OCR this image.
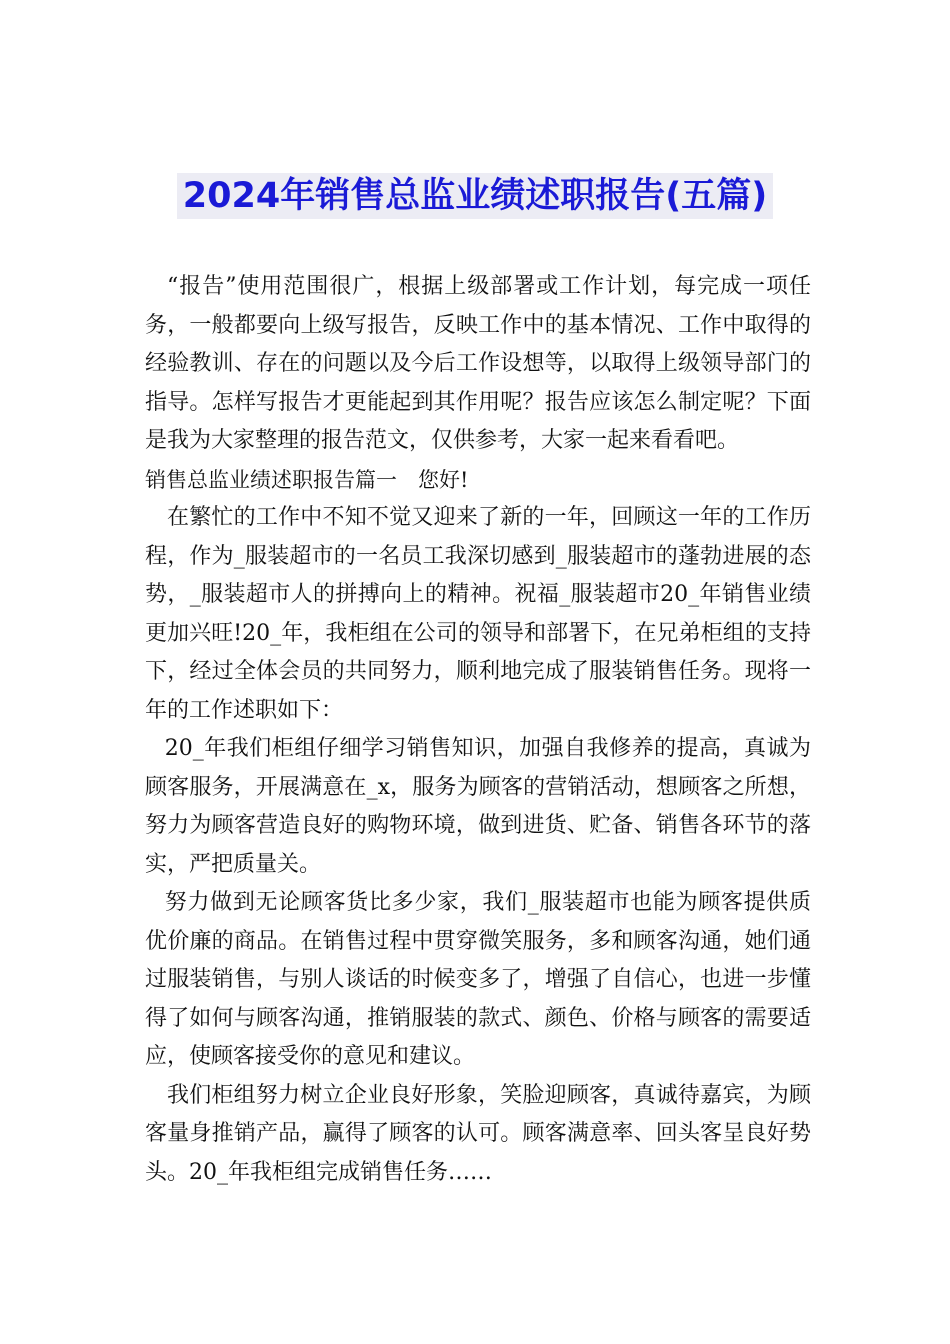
2024年销售总监业绩述职报告(五篇)

“报告”使用范围很广，根据上级部署或工作计划，每完成一项任务，一般都要向上级写报告，反映工作中的基本情况、工作中取得的经验教训、存在的问题以及今后工作设想等，以取得上级领导部门的指导。怎样写报告才更能起到其作用呢？报告应该怎么制定呢？下面是我为大家整理的报告范文，仅供参考，大家一起来看看吧。

销售总监业绩述职报告篇一　您好!

在繁忙的工作中不知不觉又迎来了新的一年，回顾这一年的工作历程，作为_服装超市的一名员工我深切感到_服装超市的蓬勃进展的态势，_服装超市人的拼搏向上的精神。祝福_服装超市20_年销售业绩更加兴旺!20_年，我柜组在公司的领导和部署下，在兄弟柜组的支持下，经过全体会员的共同努力，顺利地完成了服装销售任务。现将一年的工作述职如下：

20_年我们柜组仔细学习销售知识，加强自我修养的提高，真诚为顾客服务，开展满意在_x，服务为顾客的营销活动，想顾客之所想，努力为顾客营造良好的购物环境，做到进货、贮备、销售各环节的落实，严把质量关。

努力做到无论顾客货比多少家，我们_服装超市也能为顾客提供质优价廉的商品。在销售过程中贯穿微笑服务，多和顾客沟通，她们通过服装销售，与别人谈话的时候变多了，增强了自信心，也进一步懂得了如何与顾客沟通，推销服装的款式、颜色、价格与顾客的需要适应，使顾客接受你的意见和建议。

我们柜组努力树立企业良好形象，笑脸迎顾客，真诚待嘉宾，为顾客量身推销产品，赢得了顾客的认可。顾客满意率、回头客呈良好势头。20_年我柜组完成销售任务……
